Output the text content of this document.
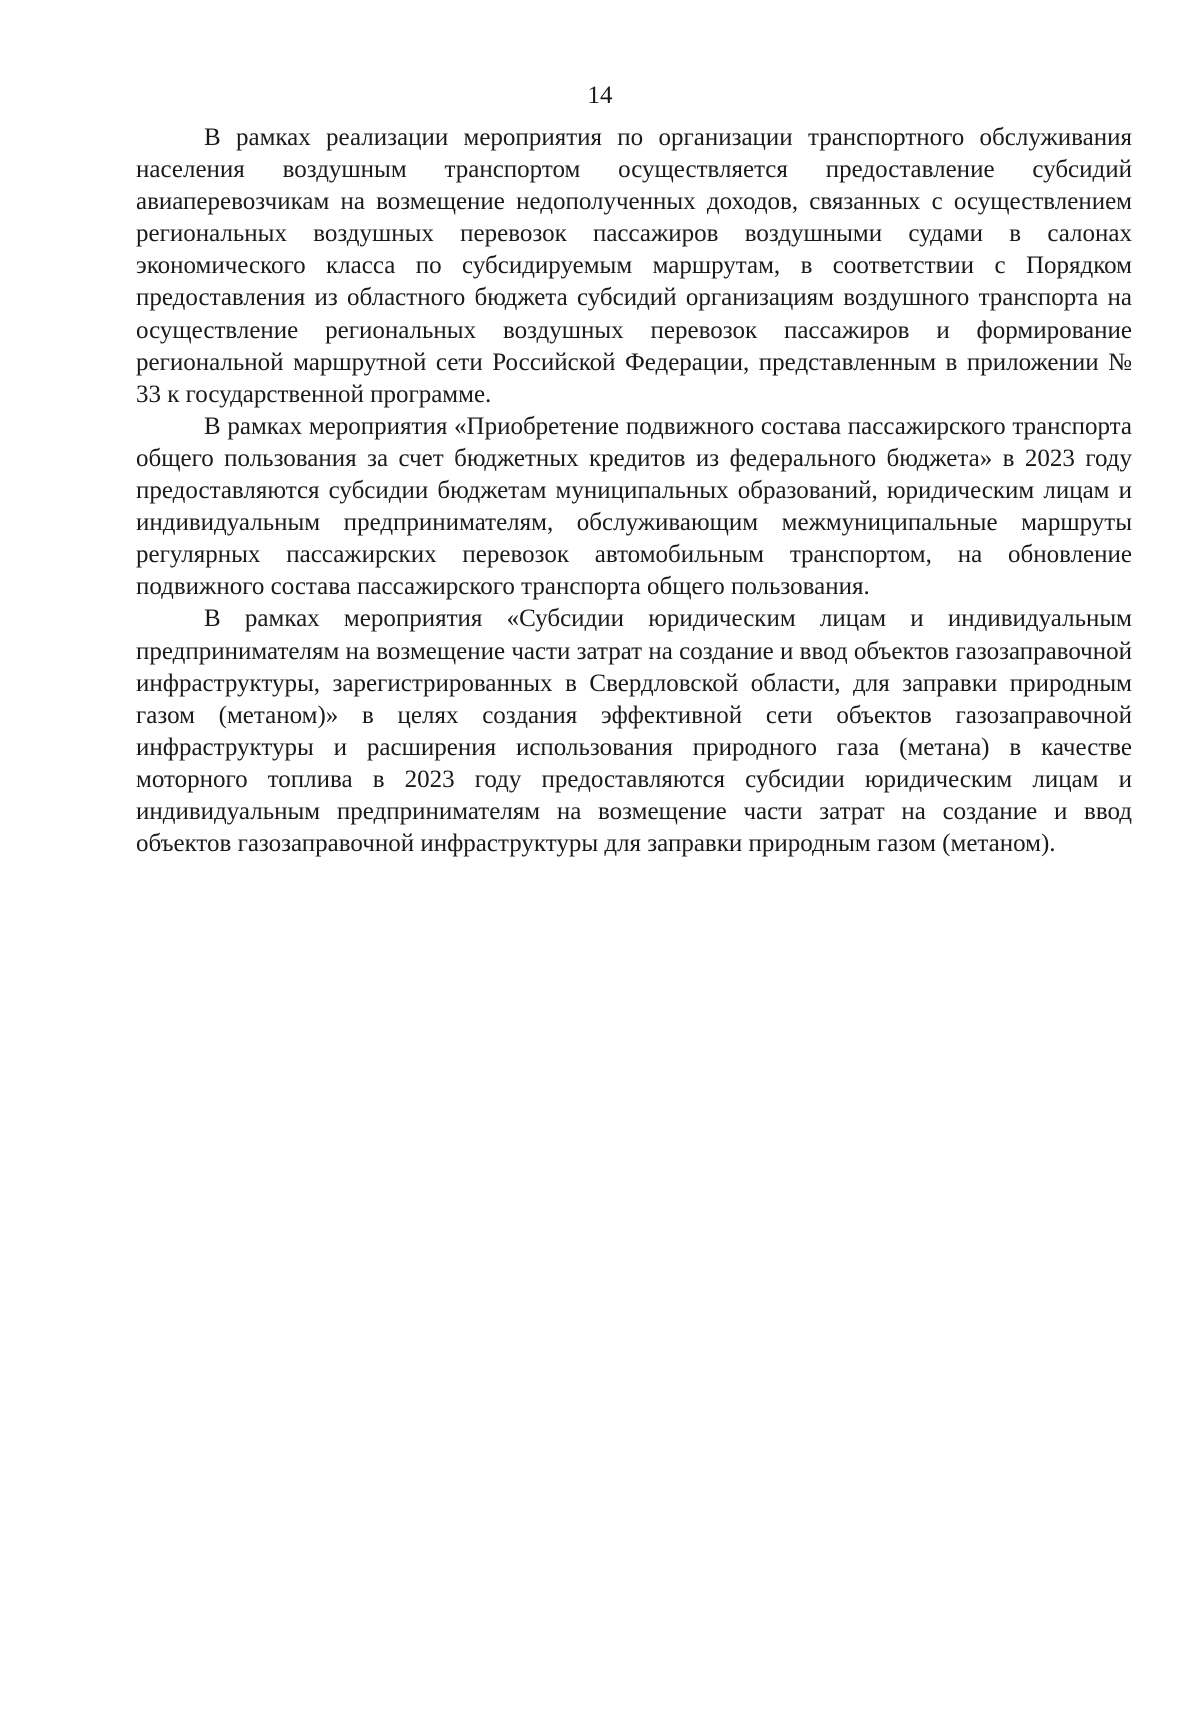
14

В рамках реализации мероприятия по организации транспортного обслуживания населения воздушным транспортом осуществляется предоставление субсидий авиаперевозчикам на возмещение недополученных доходов, связанных с осуществлением региональных воздушных перевозок пассажиров воздушными судами в салонах экономического класса по субсидируемым маршрутам, в соответствии с Порядком предоставления из областного бюджета субсидий организациям воздушного транспорта на осуществление региональных воздушных перевозок пассажиров и формирование региональной маршрутной сети Российской Федерации, представленным в приложении № 33 к государственной программе.

В рамках мероприятия «Приобретение подвижного состава пассажирского транспорта общего пользования за счет бюджетных кредитов из федерального бюджета» в 2023 году предоставляются субсидии бюджетам муниципальных образований, юридическим лицам и индивидуальным предпринимателям, обслуживающим межмуниципальные маршруты регулярных пассажирских перевозок автомобильным транспортом, на обновление подвижного состава пассажирского транспорта общего пользования.

В рамках мероприятия «Субсидии юридическим лицам и индивидуальным предпринимателям на возмещение части затрат на создание и ввод объектов газозаправочной инфраструктуры, зарегистрированных в Свердловской области, для заправки природным газом (метаном)» в целях создания эффективной сети объектов газозаправочной инфраструктуры и расширения использования природного газа (метана) в качестве моторного топлива в 2023 году предоставляются субсидии юридическим лицам и индивидуальным предпринимателям на возмещение части затрат на создание и ввод объектов газозаправочной инфраструктуры для заправки природным газом (метаном).
